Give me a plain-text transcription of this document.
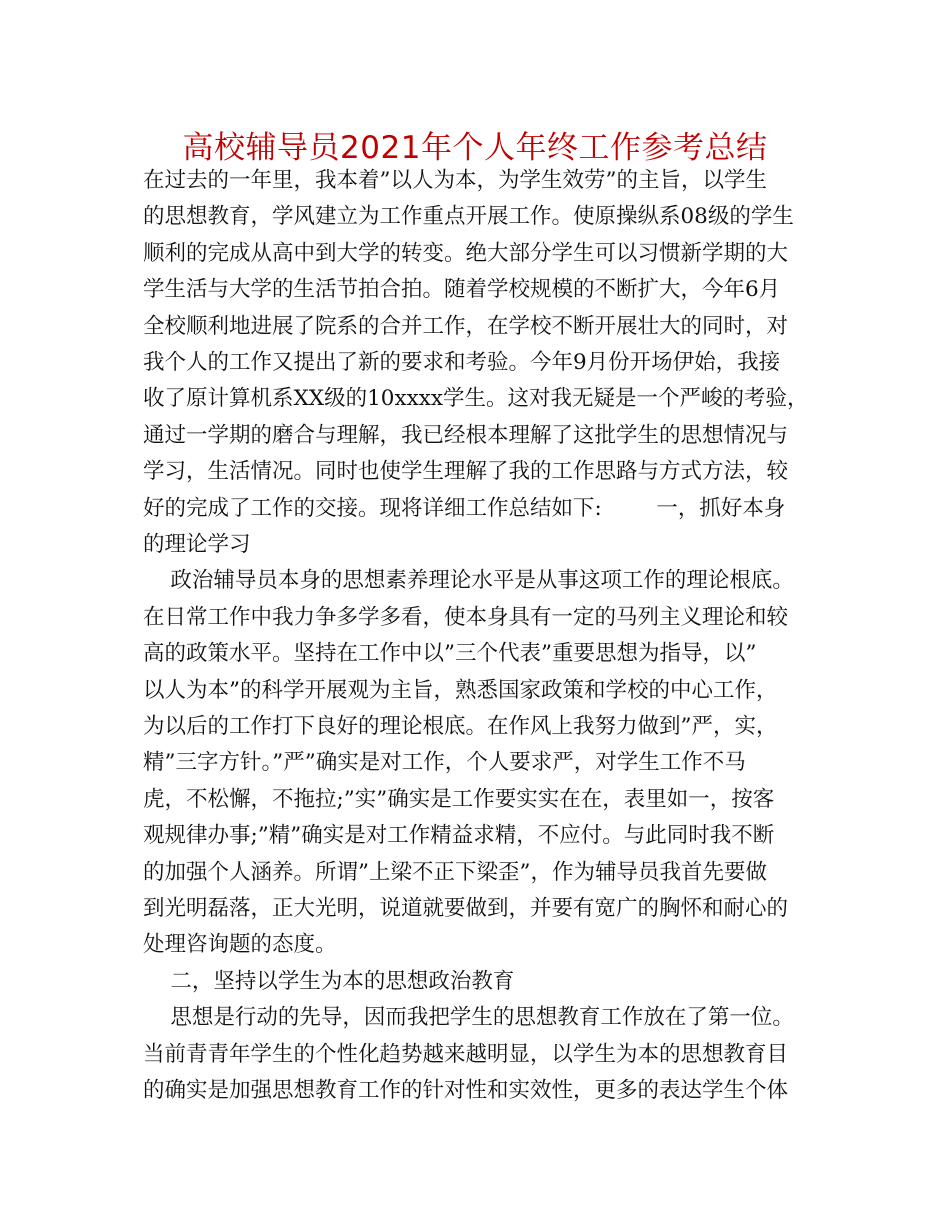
高校辅导员2021年个人年终工作参考总结
在过去的一年里，我本着”以人为本，为学生效劳”的主旨，以学生
的思想教育，学风建立为工作重点开展工作。使原操纵系08级的学生
顺利的完成从高中到大学的转变。绝大部分学生可以习惯新学期的大
学生活与大学的生活节拍合拍。随着学校规模的不断扩大，今年6月
全校顺利地进展了院系的合并工作，在学校不断开展壮大的同时，对
我个人的工作又提出了新的要求和考验。今年9月份开场伊始，我接
收了原计算机系XX级的10xxxx学生。这对我无疑是一个严峻的考验，
通过一学期的磨合与理解，我已经根本理解了这批学生的思想情况与
学习，生活情况。同时也使学生理解了我的工作思路与方式方法，较
好的完成了工作的交接。现将详细工作总结如下:        一，抓好本身
的理论学习
政治辅导员本身的思想素养理论水平是从事这项工作的理论根底。
在日常工作中我力争多学多看，使本身具有一定的马列主义理论和较
高的政策水平。坚持在工作中以”三个代表”重要思想为指导，以”
以人为本”的科学开展观为主旨，熟悉国家政策和学校的中心工作，
为以后的工作打下良好的理论根底。在作风上我努力做到”严，实，
精”三字方针。”严”确实是对工作，个人要求严，对学生工作不马
虎，不松懈，不拖拉;”实”确实是工作要实实在在，表里如一，按客
观规律办事;”精”确实是对工作精益求精，不应付。与此同时我不断
的加强个人涵养。所谓”上梁不正下梁歪”，作为辅导员我首先要做
到光明磊落，正大光明，说道就要做到，并要有宽广的胸怀和耐心的
处理咨询题的态度。
二，坚持以学生为本的思想政治教育
思想是行动的先导，因而我把学生的思想教育工作放在了第一位。
当前青青年学生的个性化趋势越来越明显，以学生为本的思想教育目
的确实是加强思想教育工作的针对性和实效性，更多的表达学生个体
